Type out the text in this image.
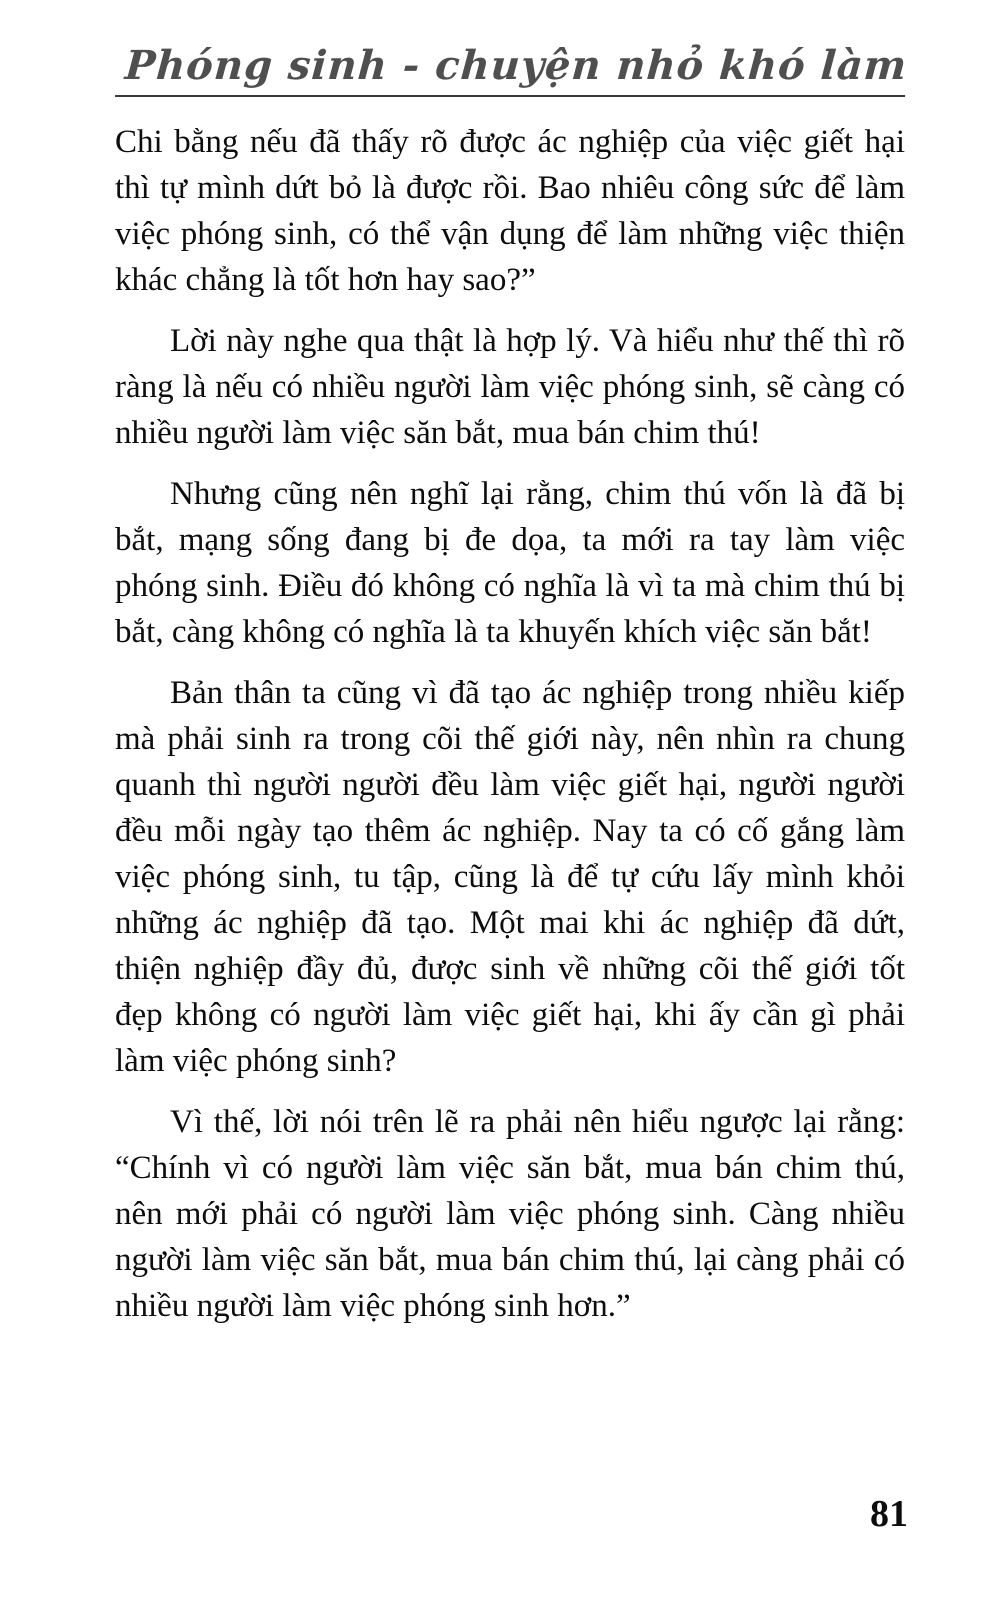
Phóng sinh - chuyện nhỏ khó làm

Chi bằng nếu đã thấy rõ được ác nghiệp của việc giết hại thì tự mình dứt bỏ là được rồi. Bao nhiêu công sức để làm việc phóng sinh, có thể vận dụng để làm những việc thiện khác chẳng là tốt hơn hay sao?”

Lời này nghe qua thật là hợp lý. Và hiểu như thế thì rõ ràng là nếu có nhiều người làm việc phóng sinh, sẽ càng có nhiều người làm việc săn bắt, mua bán chim thú!

Nhưng cũng nên nghĩ lại rằng, chim thú vốn là đã bị bắt, mạng sống đang bị đe dọa, ta mới ra tay làm việc phóng sinh. Điều đó không có nghĩa là vì ta mà chim thú bị bắt, càng không có nghĩa là ta khuyến khích việc săn bắt!

Bản thân ta cũng vì đã tạo ác nghiệp trong nhiều kiếp mà phải sinh ra trong cõi thế giới này, nên nhìn ra chung quanh thì người người đều làm việc giết hại, người người đều mỗi ngày tạo thêm ác nghiệp. Nay ta có cố gắng làm việc phóng sinh, tu tập, cũng là để tự cứu lấy mình khỏi những ác nghiệp đã tạo. Một mai khi ác nghiệp đã dứt, thiện nghiệp đầy đủ, được sinh về những cõi thế giới tốt đẹp không có người làm việc giết hại, khi ấy cần gì phải làm việc phóng sinh?

Vì thế, lời nói trên lẽ ra phải nên hiểu ngược lại rằng: “Chính vì có người làm việc săn bắt, mua bán chim thú, nên mới phải có người làm việc phóng sinh. Càng nhiều người làm việc săn bắt, mua bán chim thú, lại càng phải có nhiều người làm việc phóng sinh hơn.”

81
